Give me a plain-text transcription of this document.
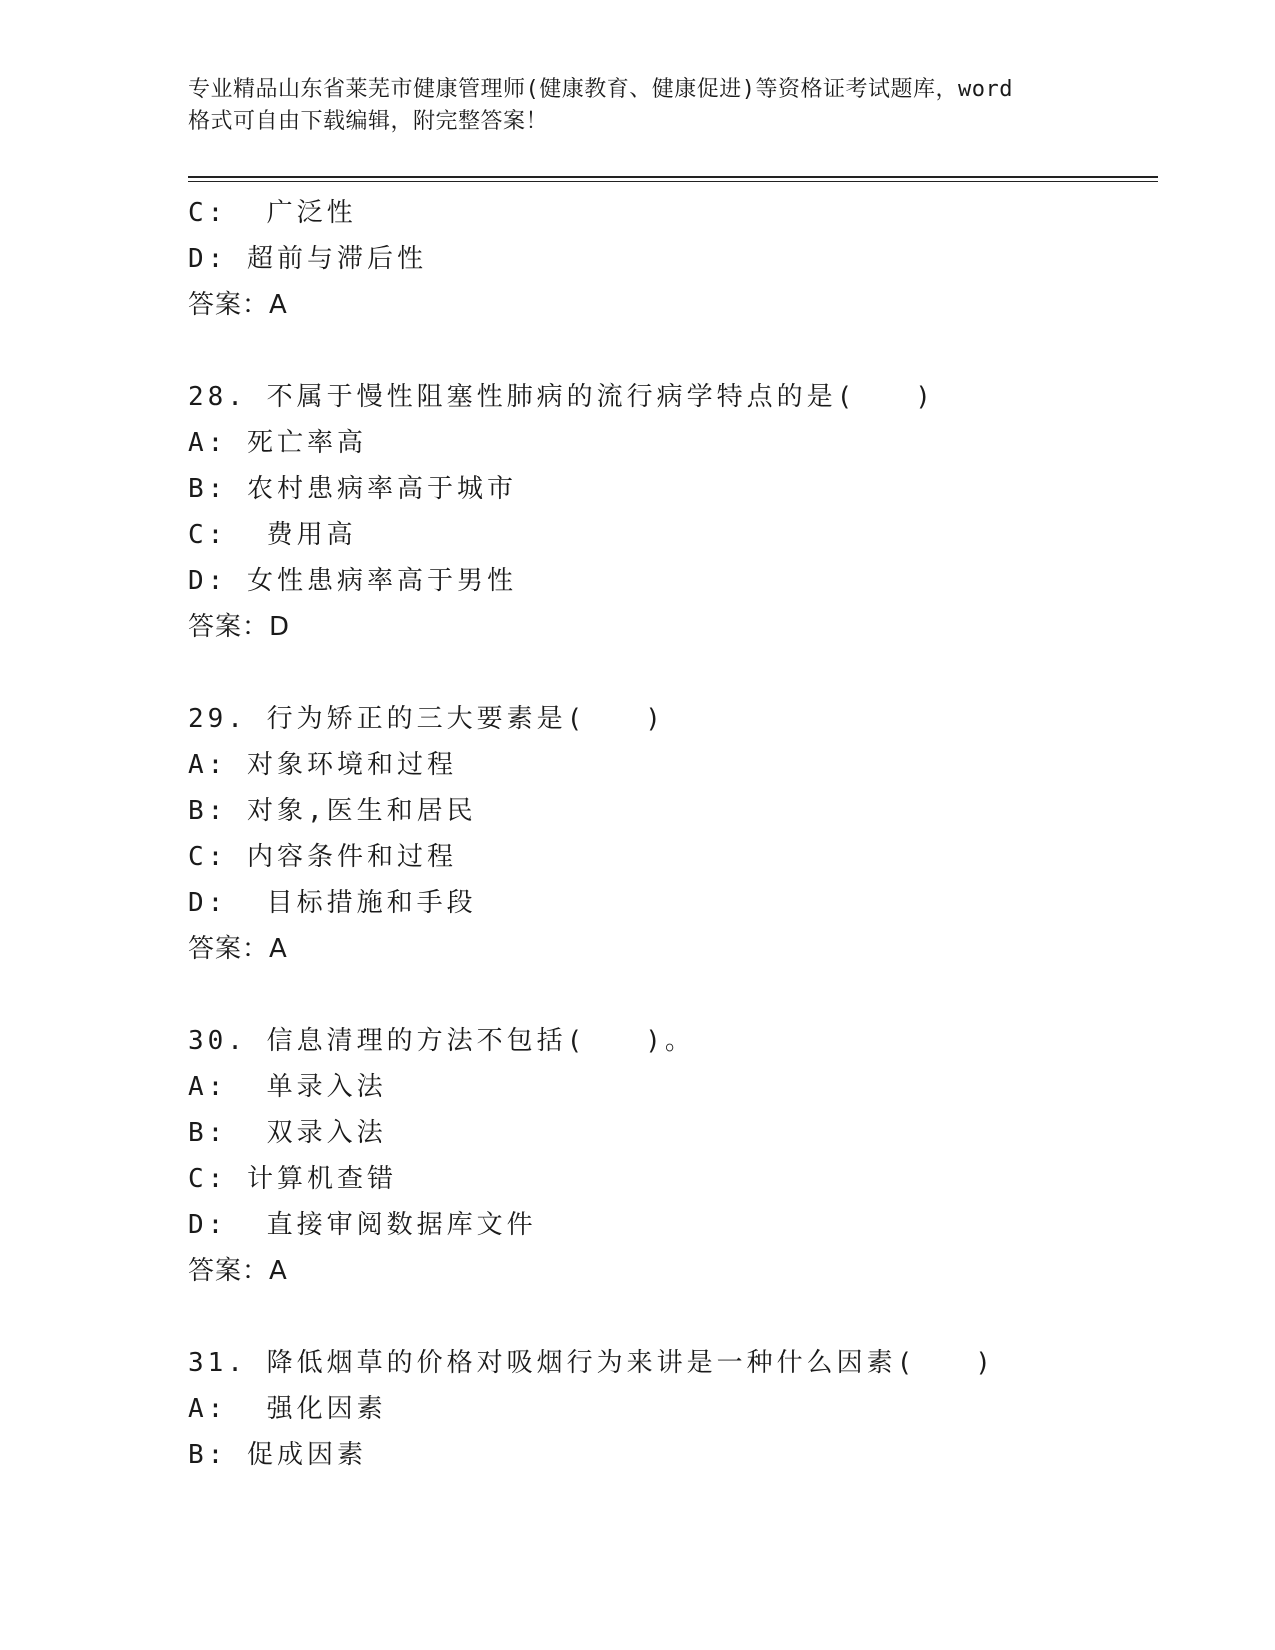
专业精品山东省莱芜市健康管理师(健康教育、健康促进)等资格证考试题库，word
格式可自由下载编辑，附完整答案！
C:  广泛性
D: 超前与滞后性
答案：A
28. 不属于慢性阻塞性肺病的流行病学特点的是(   )
A: 死亡率高
B: 农村患病率高于城市
C:  费用高
D: 女性患病率高于男性
答案：D
29. 行为矫正的三大要素是(   )
A: 对象环境和过程
B: 对象,医生和居民
C: 内容条件和过程
D:  目标措施和手段
答案：A
30. 信息清理的方法不包括(   )。
A:  单录入法
B:  双录入法
C: 计算机查错
D:  直接审阅数据库文件
答案：A
31. 降低烟草的价格对吸烟行为来讲是一种什么因素(   )
A:  强化因素
B: 促成因素
